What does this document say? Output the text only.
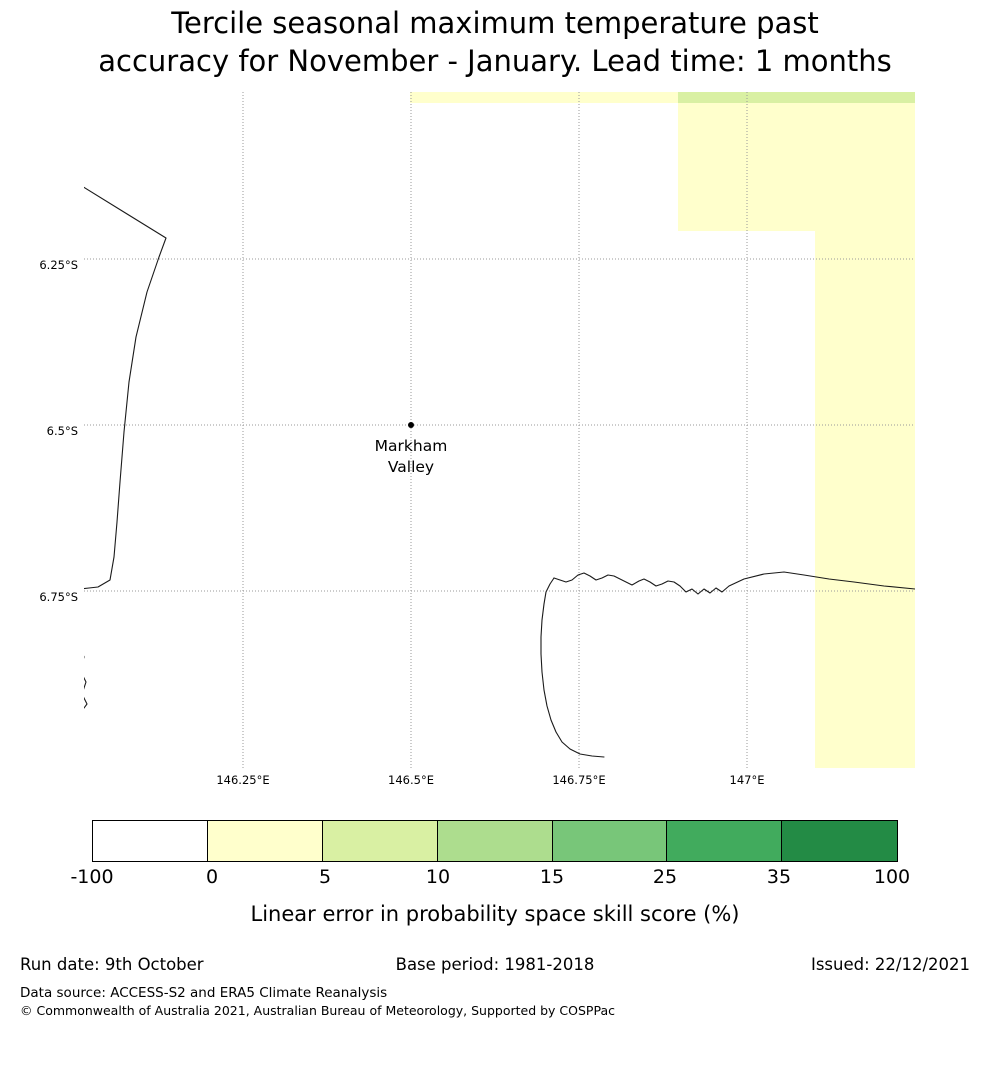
Tercile seasonal maximum temperature past
accuracy for November - January. Lead time: 1 months
Markham
Valley
6.25°S
6.5°S
6.75°S
146.25°E	146.5°E	146.75°E	147°E
-100	0	5	10	15	25	35	100
Linear error in probability space skill score (%)
Run date: 9th October	Base period: 1981-2018	Issued: 22/12/2021
Data source: ACCESS-S2 and ERA5 Climate Reanalysis
© Commonwealth of Australia 2021, Australian Bureau of Meteorology, Supported by COSPPac
